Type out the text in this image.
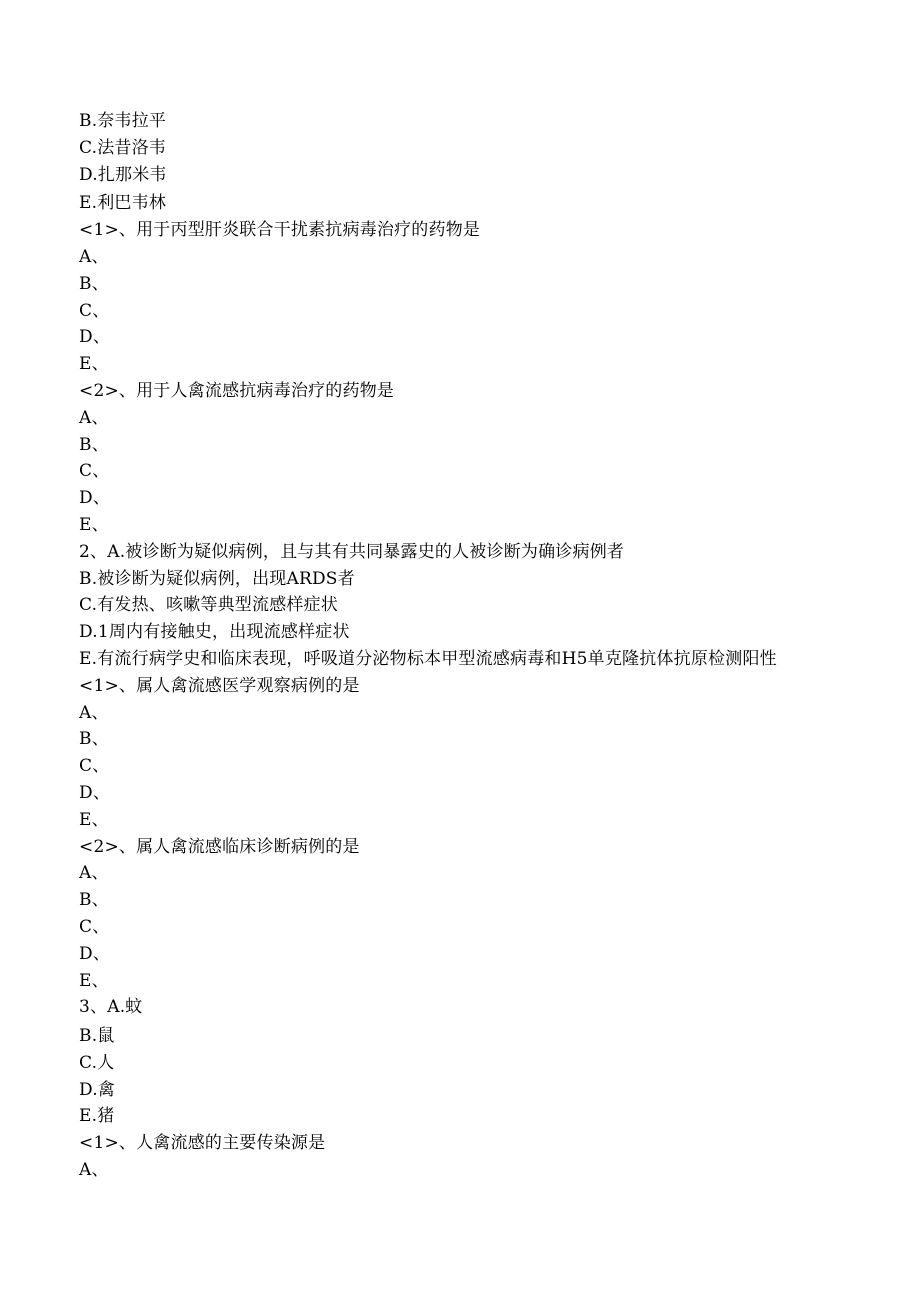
B.奈韦拉平
C.法昔洛韦
D.扎那米韦
E.利巴韦林
<1>、用于丙型肝炎联合干扰素抗病毒治疗的药物是
A、
B、
C、
D、
E、
<2>、用于人禽流感抗病毒治疗的药物是
A、
B、
C、
D、
E、
2、A.被诊断为疑似病例，且与其有共同暴露史的人被诊断为确诊病例者
B.被诊断为疑似病例，出现ARDS者
C.有发热、咳嗽等典型流感样症状
D.1周内有接触史，出现流感样症状
E.有流行病学史和临床表现，呼吸道分泌物标本甲型流感病毒和H5单克隆抗体抗原检测阳性
<1>、属人禽流感医学观察病例的是
A、
B、
C、
D、
E、
<2>、属人禽流感临床诊断病例的是
A、
B、
C、
D、
E、
3、A.蚊
B.鼠
C.人
D.禽
E.猪
<1>、人禽流感的主要传染源是
A、
